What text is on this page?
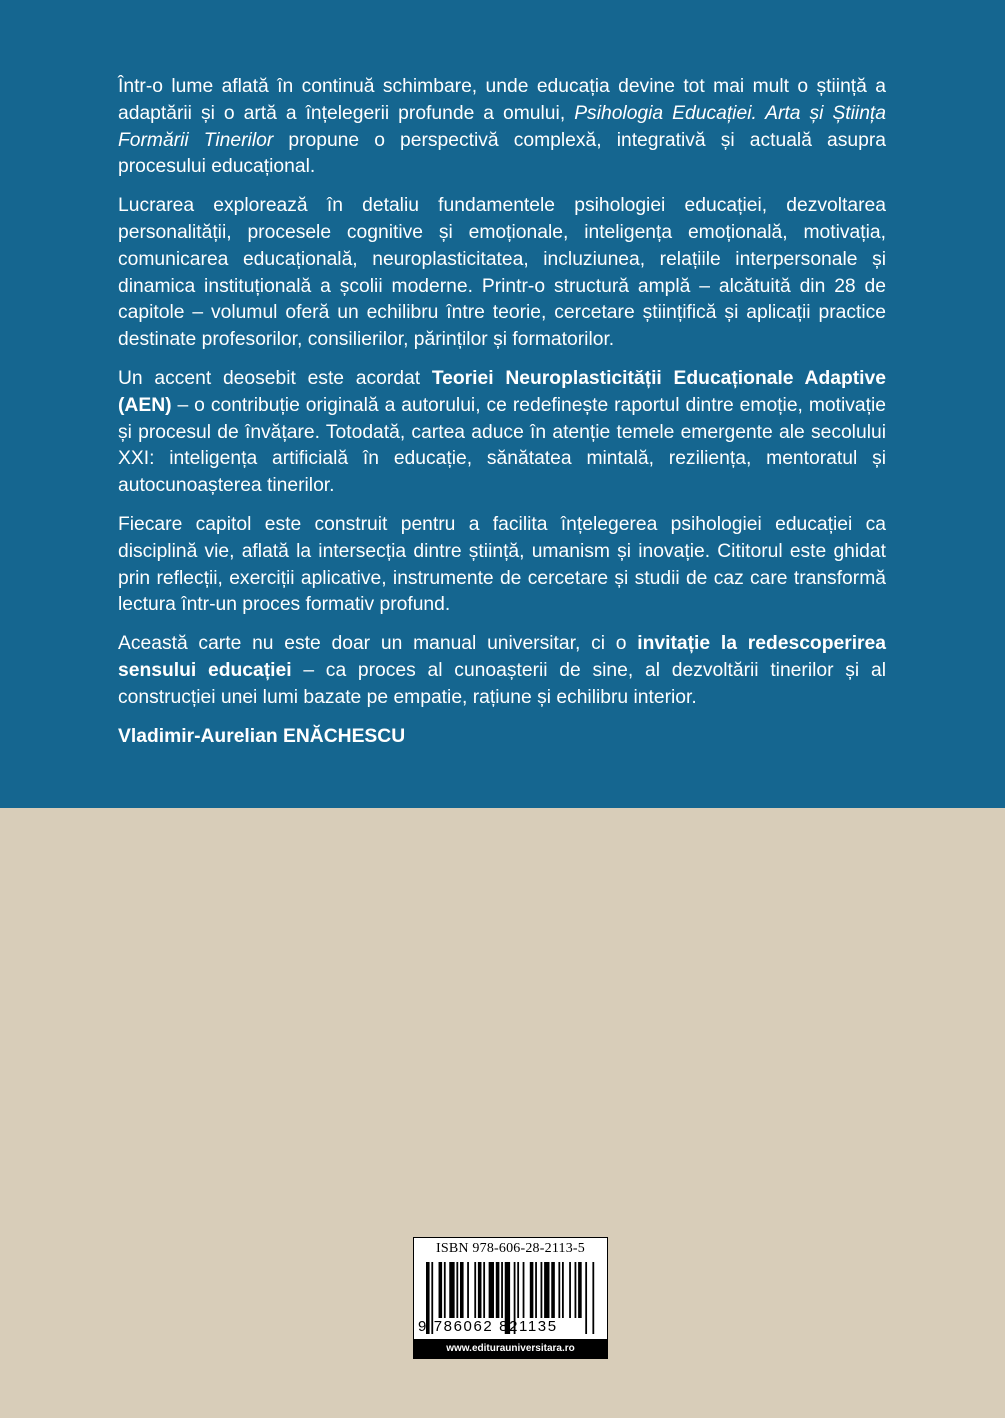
Într-o lume aflată în continuă schimbare, unde educația devine tot mai mult o știință a adaptării și o artă a înțelegerii profunde a omului, Psihologia Educației. Arta și Știința Formării Tinerilor propune o perspectivă complexă, integrativă și actuală asupra procesului educațional.

Lucrarea explorează în detaliu fundamentele psihologiei educației, dezvoltarea personalității, procesele cognitive și emoționale, inteligența emoțională, motivația, comunicarea educațională, neuroplasticitatea, incluziunea, relațiile interpersonale și dinamica instituțională a școlii moderne. Printr-o structură amplă – alcătuită din 28 de capitole – volumul oferă un echilibru între teorie, cercetare științifică și aplicații practice destinate profesorilor, consilierilor, părinților și formatorilor.

Un accent deosebit este acordat Teoriei Neuroplasticității Educaționale Adaptive (AEN) – o contribuție originală a autorului, ce redefinește raportul dintre emoție, motivație și procesul de învățare. Totodată, cartea aduce în atenție temele emergente ale secolului XXI: inteligența artificială în educație, sănătatea mintală, reziliența, mentoratul și autocunoașterea tinerilor.

Fiecare capitol este construit pentru a facilita înțelegerea psihologiei educației ca disciplină vie, aflată la intersecția dintre știință, umanism și inovație. Cititorul este ghidat prin reflecții, exerciții aplicative, instrumente de cercetare și studii de caz care transformă lectura într-un proces formativ profund.

Această carte nu este doar un manual universitar, ci o invitație la redescoperirea sensului educației – ca proces al cunoașterii de sine, al dezvoltării tinerilor și al construcției unei lumi bazate pe empatie, rațiune și echilibru interior.

Vladimir-Aurelian ENĂCHESCU

ISBN 978-606-28-2113-5
9 786062 821135
www.editurauniversitara.ro
